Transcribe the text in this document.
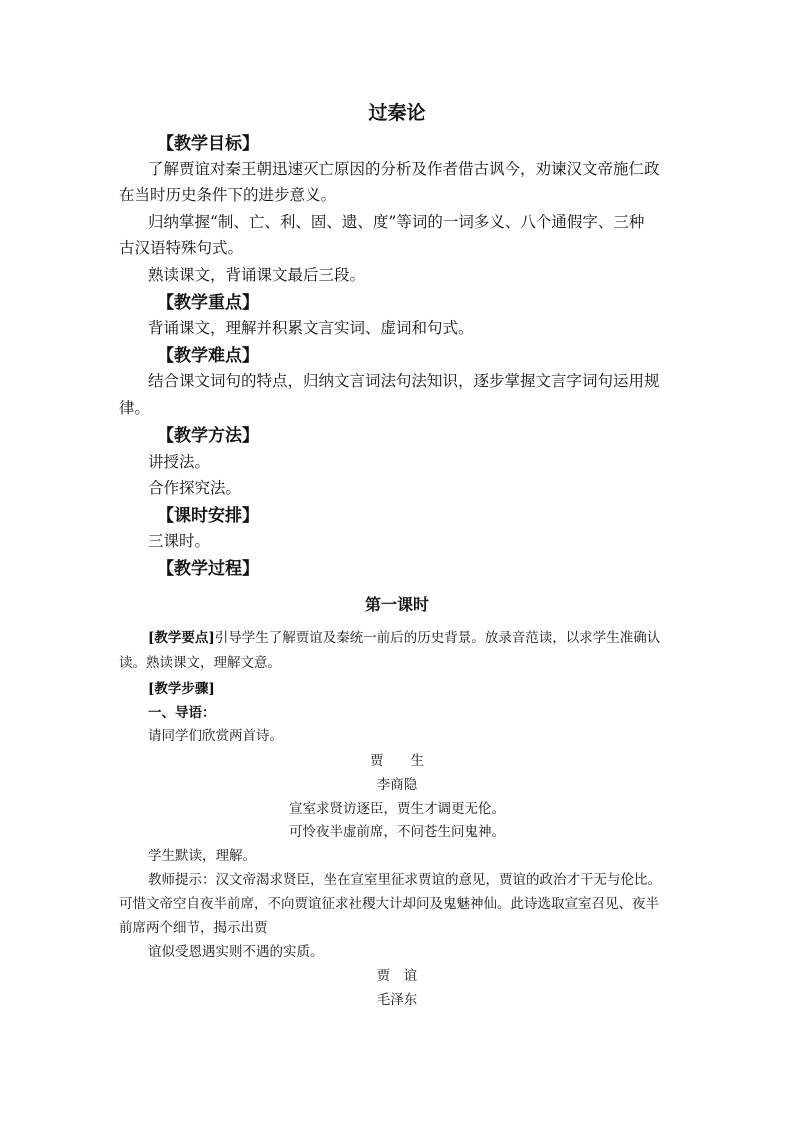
过秦论
【教学目标】
了解贾谊对秦王朝迅速灭亡原因的分析及作者借古讽今，劝谏汉文帝施仁政
在当时历史条件下的进步意义。
归纳掌握“制、亡、利、固、遗、度”等词的一词多义、八个通假字、三种
古汉语特殊句式。
熟读课文，背诵课文最后三段。
【教学重点】
背诵课文，理解并积累文言实词、虚词和句式。
【教学难点】
结合课文词句的特点，归纳文言词法句法知识，逐步掌握文言字词句运用规
律。
【教学方法】
讲授法。
合作探究法。
【课时安排】
三课时。
【教学过程】
第一课时
[教学要点]引导学生了解贾谊及秦统一前后的历史背景。放录音范读，以求学生准确认
读。熟读课文，理解文意。
[教学步骤]
一、导语：
请同学们欣赏两首诗。
贾　　生
李商隐
宣室求贤访逐臣，贾生才调更无伦。
可怜夜半虚前席，不问苍生问鬼神。
学生默读，理解。
教师提示：汉文帝渴求贤臣，坐在宣室里征求贾谊的意见，贾谊的政治才干无与伦比。
可惜文帝空自夜半前席，不向贾谊征求社稷大计却问及鬼魅神仙。此诗选取宣室召见、夜半
前席两个细节，揭示出贾
谊似受恩遇实则不遇的实质。
贾　谊
毛泽东
